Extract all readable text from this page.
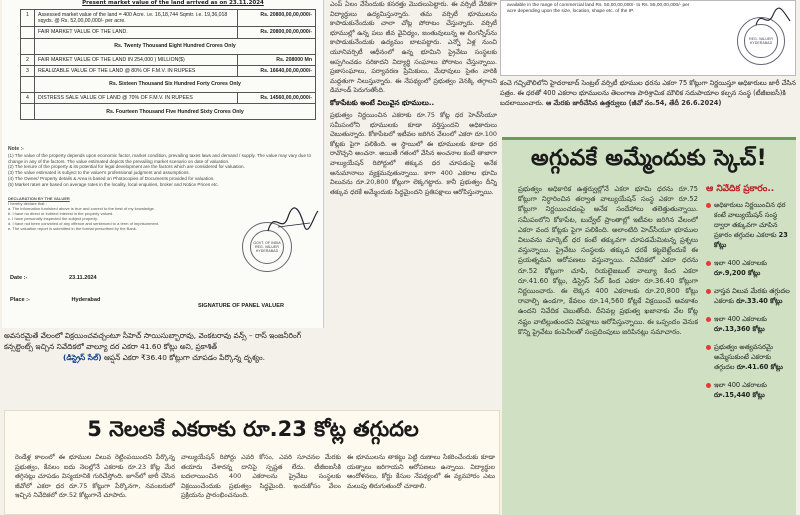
Present market value of the land arrived as on 23.11.2024
1	Assessed market value of the land = 400 Acre. i.e. 16,18,744 Sqmtr. i.e. 19,36,018 sqyds. @ Rs. 52,00,00,000/- per acre.	Rs. 20800,00,00,000/-
	FAIR MARKET VALUE OF THE LAND.	Rs. 20800,00,00,000/-
	Rs. Twenty Thousand Eight Hundred Crores Only	
2	FAIR MARKET VALUE OF THE LAND IN 254,000 ) MILLION($)	Rs. 208000 Mn
3	REALIZABLE VALUE OF THE LAND @ 80% OF F.M.V. IN RUPEES	Rs. 16640,00,00,000/-
	Rs. Sixteen Thousand Six Hundred Forty Crores Only	
4	DISTRESS SALE VALUE OF LAND @ 70% OF F.M.V. IN RUPEES	Rs. 14560,00,00,000/-
	Rs. Fourteen Thousand Five Hundred Sixty Crores Only	
Note :-
(1) The value of the property depends upon economic factor, market condition, prevailing taxes laws and demand / supply. The value may vary due to change in any of the factors. The value estimated depicts the prevailing market scenario on date of valuation.
(2) The tenure of the property & its potential for legal development are the factors which are considered for valuation.
(3) The value estimated is subject to the valuer's professional judgment and assumptions.
(4) The Owner/ Property details & Area is based on Photocopies of Documents provided for valuation.
(5) Market rates are based on average rates in the locality, local enquiries, broker and Notice Prices etc.
DECLARATION BY THE VALUER
I hereby declare that :
a. The information furnished above is true and correct to the best of my knowledge.
b. I have no direct or indirect interest in the property valued.
c. I have personally inspected the subject property.
d. I have not been convicted of any offence and sentenced to a term of imprisonment.
e. The valuation report is submitted in the format prescribed by the Bank.
GOVT. OF INDIA
REG. VALUER
HYDERABAD
Date :-	23.11.2024
Place :-	Hyderabad
SIGNATURE OF PANEL VALUER
అవసరమైతే వేలంలో విక్రయించవచ్చంటూ సీహెచ్‌ సాయిసుబ్బారావు, వెంకటరావు వన్స్‌ – రాస్‌ ఇంజనీరింగ్‌ కన్సల్టెంట్స్‌ ఇచ్చిన నివేదికలో వాల్యూ దర ఎకరా 41.60 కోట్లు అని, ప్రకాశిత్‌
(డిస్ట్రెస్‌ సేల్‌) ఆప్షన్‌ ఎకరా ₹36.40 కోట్లుగా చూపడం పేర్కొన్న దృశ్యం.

ఎంప్‌ ఏలం వేసేందుకు కసరత్తు మొదలుపెట్టారు. ఈ వర్సిటీ వేదికగా విద్యార్థులు ఉద్యమిస్తున్నారు. తమ వర్సిటీ భూములను కాపాడుకునేందుకు చాలా చోట్ల పోరాటం చేస్తున్నారు. వర్సిటీ భూముల్లో ఉన్న పలు జీవ వైవిధ్యం, జంతువులున్న ఆ లింగన్నీస్‌ను కాపాడుకునేందుకు ఉద్యమం బాటపట్టారు. ఎన్నో ఏళ్ల నుంచి యూనివర్సిటీ ఆధీనంలో ఉన్న భూమిని ప్రైవేటు సంస్థలకు అప్పగించడం సరికాదని విద్యార్థి సంఘాలు పోరాటం చేస్తున్నాయి. ప్రజాసంఘాలు, పర్యావరణ ప్రేమికులు, మేధావులు సైతం వారికి మద్దతుగా నిలుస్తున్నారు. ఈ నేపథ్యంలో ప్రభుత్వం వెనక్కి తగ్గాలని డిమాండ్‌ పెరుగుతోంది.

కోకాపేటకు అంటే విలువైన భూములు..

ప్రభుత్వం నిర్ణయించిన ఎకరాకు రూ.75 కోట్ల ధర హెచ్‌సీయూ సమీపంలోని భూములకు కూడా వర్తిస్తుందని అధికారులు చెబుతున్నారు. కోకాపేటలో ఇటీవల జరిగిన వేలంలో ఎకరా రూ.100 కోట్లకు పైగా పలికింది. ఆ స్థాయిలో ఈ భూములకు కూడా ధర రావొచ్చని అంచనా. అయితే గతంలో వేసిన అంచనాల కంటే తాజాగా వాల్యుయేషన్‌ రిపోర్టులో తక్కువ ధర చూపడంపై అనేక అనుమానాలు వ్యక్తమవుతున్నాయి. కాగా 400 ఎకరాల భూమి విలువను రూ.20,800 కోట్లుగా లెక్కగట్టారు. కానీ ప్రభుత్వం దీన్ని తక్కువ ధరకే అమ్మేందుకు సిద్ధమైందని ప్రతిపక్షాలు ఆరోపిస్తున్నాయి.

available in the range of commercial land Rs. 50,00,00,000/- to Rs. 55,00,00,000/- per acre depending upon the size, location, shape etc. of the IP.
REG. VALUER
HYDERABAD
కంచె గచ్చిబౌలిలోని హైదరాబాద్‌ సెంట్రల్‌ వర్సిటీ భూముల ధరను ఎకరా 75 కోట్లుగా నిర్ణయిస్తూ అధికారులు జారీ చేసిన పత్రం. ఈ ధరతో 400 ఎకరాల భూములను తెలంగాణ పారిశ్రామిక మౌలిక సదుపాయాల కల్పన సంస్థ (టీజీఐఐసీ)కి బదలాయించారు. ఆ మేరకు జారీచేసిన ఉత్తర్వులు (జీవో నం.54, తేదీ 26.6.2024)
అగ్గువకే అమ్మేందుకు స్కెచ్‌!

ప్రభుత్వం అధికారిక ఉత్తర్వుల్లోనే ఎకరా భూమి ధరను రూ.75 కోట్లుగా నిర్ధారించిన తర్వాత వాల్యుయేషన్‌ సంస్థ ఎకరా రూ.52 కోట్లుగా నిర్ణయించడంపై అనేక సందేహాలు తలెత్తుతున్నాయి. సమీపంలోని కోకాపేట, బుద్వేల్‌ ప్రాంతాల్లో ఇటీవల జరిగిన వేలంలో ఎకరా వంద కోట్లకు పైగా పలికింది. అలాంటిది హెచ్‌సీయూ భూముల విలువను మార్కెట్‌ ధర కంటే తక్కువగా చూపడమేమిటన్న ప్రశ్నలు వస్తున్నాయి. ప్రైవేటు సంస్థలకు తక్కువ ధరకే కట్టబెట్టేందుకే ఈ ప్రయత్నమని ఆరోపణలు వస్తున్నాయి. నివేదికలో ఎకరా ధరను రూ.52 కోట్లుగా చూపి, రియలైజబుల్‌ వాల్యూ కింద ఎకరా రూ.41.60 కోట్లు, డిస్ట్రెస్‌ సేల్‌ కింద ఎకరా రూ.36.40 కోట్లుగా నిర్ణయించారు. ఈ లెక్కన 400 ఎకరాలకు రూ.20,800 కోట్లు రావాల్సి ఉండగా, కేవలం రూ.14,560 కోట్లకే విక్రయించే అవకాశం ఉందని నివేదిక చెబుతోంది. దీనివల్ల ప్రభుత్వ ఖజానాకు వేల కోట్ల నష్టం వాటిల్లుతుందని విపక్షాలు ఆరోపిస్తున్నాయి. ఈ ఒప్పందం వెనుక కొన్ని ప్రైవేటు కంపెనీలతో సంప్రదింపులు జరిపినట్లు సమాచారం.

ఆ నివేదిక ప్రకారం..
అధికారులు నిర్ణయించిన ధర కంటే వాల్యుయేషన్‌ సంస్థ ద్వారా తక్కువగా చూపిన ప్రకారం తగ్గుదల ఎకరాకు 23 కోట్లు
ఇలా 400 ఎకరాలకు రూ.9,200 కోట్లు
వాస్తవ విలువ మేరకు తగ్గుదల ఎకరాకు రూ.33.40 కోట్లు
ఇలా 400 ఎకరాలకు రూ.13,360 కోట్లు
ప్రభుత్వం అత్యవసరమై అమ్మేసుకుంటే ఎకరాకు తగ్గుదల రూ.41.60 కోట్లు
ఇలా 400 ఎకరాలకు రూ.15,440 కోట్లు
5 నెలలకే ఎకరాకు రూ.23 కోట్ల తగ్గుదల

రెండేళ్ల కాలంలో ఈ భూముల విలువ రెట్టింపయిందని పేర్కొన్న ప్రభుత్వం, కేవలం ఐదు నెలల్లోనే ఎకరాకు రూ.23 కోట్ల మేర తగ్గినట్లు చూపడం విస్మయానికి గురిచేస్తోంది. జూన్‌లో జారీ చేసిన జీవోలో ఎకరా ధర రూ.75 కోట్లుగా పేర్కొనగా, నవంబరులో ఇచ్చిన నివేదికలో రూ.52 కోట్లుగానే చూపారు.

వాల్యుయేషన్‌ రిపోర్టు ఎవరి కోసం, ఎవరి సూచనల మేరకు తయారు చేశారన్న దానిపై స్పష్టత లేదు. టీజీఐఐసీకి బదలాయించిన 400 ఎకరాలను ప్రైవేటు సంస్థలకు విక్రయించేందుకు ప్రభుత్వం సిద్ధమైంది. ఇందుకోసం వేలం ప్రక్రియను ప్రారంభించనుంది.

ఈ భూములను తాకట్టు పెట్టి రుణాలు సేకరించేందుకు కూడా యత్నాలు జరిగాయని ఆరోపణలు ఉన్నాయి. విద్యార్థుల ఆందోళనలు, కోర్టు కేసుల నేపథ్యంలో ఈ వ్యవహారం ఎటు మలుపు తిరుగుతుందో చూడాలి.
